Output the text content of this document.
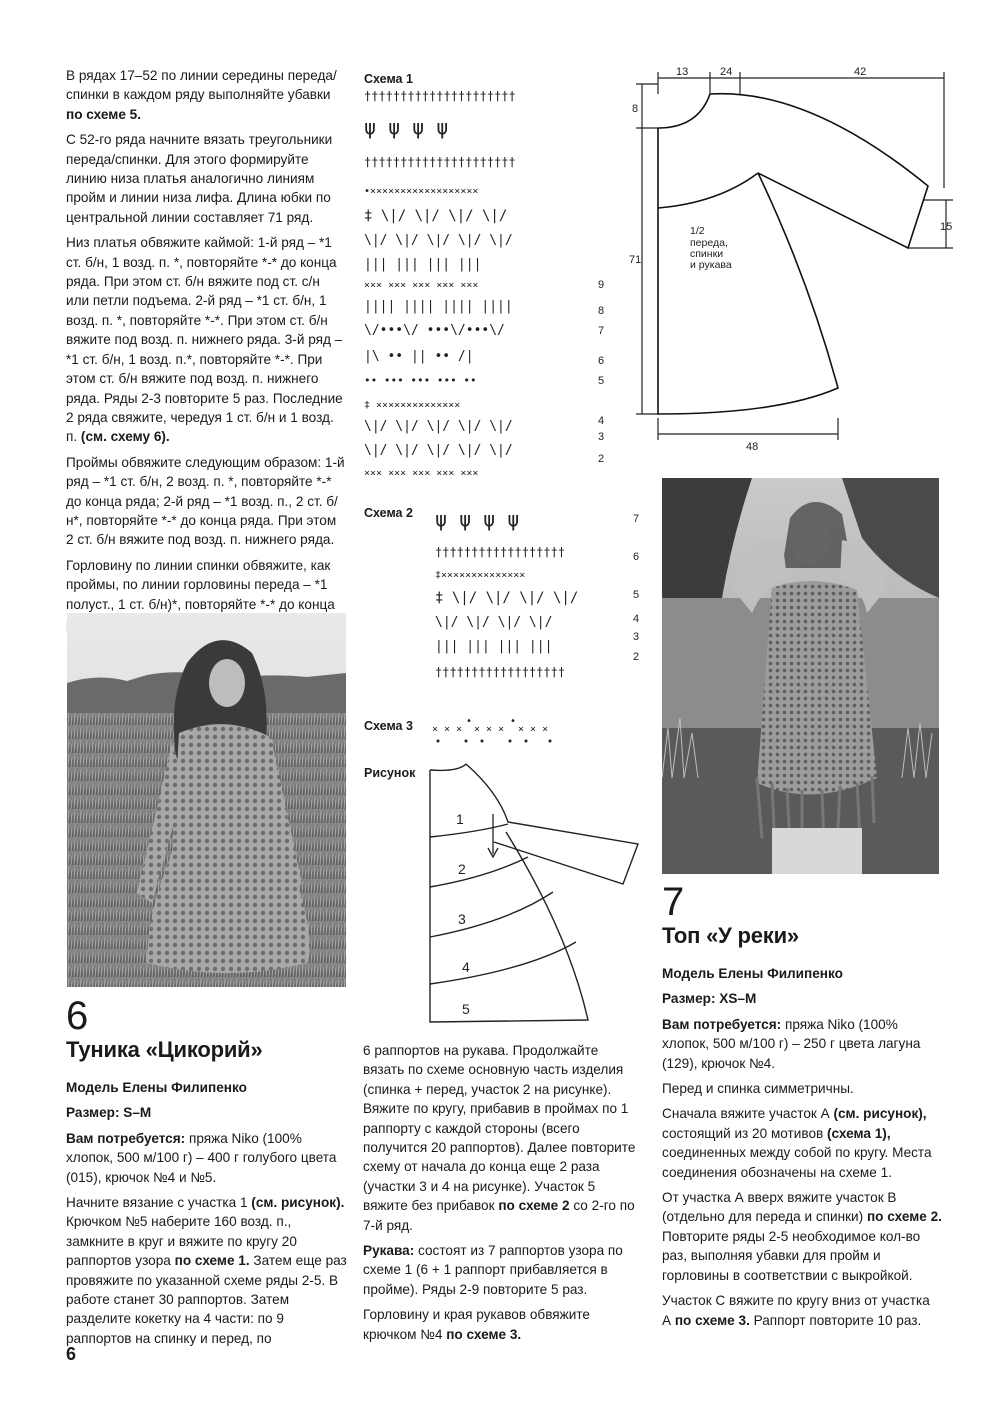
В рядах 17–52 по линии середины переда/спинки в каждом ряду выполняйте убавки по схеме 5.

С 52-го ряда начните вязать треугольники переда/спинки. Для этого формируйте линию низа платья аналогично линиям пройм и линии низа лифа. Длина юбки по центральной линии составляет 71 ряд.

Низ платья обвяжите каймой: 1-й ряд – *1 ст. б/н, 1 возд. п. *, повторяйте *-* до конца ряда. При этом ст. б/н вяжите под ст. с/н или петли подъема. 2-й ряд – *1 ст. б/н, 1 возд. п. *, повторяйте *-*. При этом ст. б/н вяжите под возд. п. нижнего ряда. 3-й ряд – *1 ст. б/н, 1 возд. п.*, повторяйте *-*. При этом ст. б/н вяжите под возд. п. нижнего ряда. Ряды 2-3 повторите 5 раз. Последние 2 ряда свяжите, чередуя 1 ст. б/н и 1 возд. п. (см. схему 6).

Проймы обвяжите следующим образом: 1-й ряд – *1 ст. б/н, 2 возд. п. *, повторяйте *-* до конца ряда; 2-й ряд – *1 возд. п., 2 ст. б/н*, повторяйте *-* до конца ряда. При этом 2 ст. б/н вяжите под возд. п. нижнего ряда.

Горловину по линии спинки обвяжите, как проймы, по линии горловины переда – *1 полуст., 1 ст. б/н)*, повторяйте *-* до конца

6
Туника «Цикорий»

Модель Елены Филипенко

Размер: S–M

Вам потребуется: пряжа Niko (100% хлопок, 500 м/100 г) – 400 г голубого цвета (015), крючок №4 и №5.

Начните вязание с участка 1 (см. рисунок). Крючком №5 наберите 160 возд. п., замкните в круг и вяжите по кругу 20 раппортов узора по схеме 1. Затем еще раз провяжите по указанной схеме ряды 2-5. В работе станет 30 раппортов. Затем разделите кокетку на 4 части: по 9 раппортов на спинку и перед, по

Схема 1
†††††††††††††††††††††
ψ ψ ψ ψ
†††††††††††††††††††††
•××××××××××××××××××
‡ \|/ \|/ \|/ \|/
\|/ \|/ \|/ \|/ \|/
||| ||| ||| |||
××× ××× ××× ××× ×××
|||| |||| |||| ||||
\/•••\/ •••\/•••\/
|\ •• || •• /|
•• ••• ••• ••• ••
‡ ××××××××××××××
\|/ \|/ \|/ \|/ \|/
\|/ \|/ \|/ \|/ \|/
××× ××× ××× ××× ×××
9
8
7
6
5
4
3
2
Схема 2 ψ ψ ψ ψ
††††††††††††††††††
‡××××××××××××××
‡ \|/ \|/ \|/ \|/
\|/ \|/ \|/ \|/
||| ||| ||| |||
††††††††††††††††††
7
6
5
4
3
2
Схема 3 × × ×
•
× × ×
•
× × ×
Рисунок
1
2
3
4
5

6 раппортов на рукава. Продолжайте вязать по схеме основную часть изделия (спинка + перед, участок 2 на рисунке). Вяжите по кругу, прибавив в проймах по 1 раппорту с каждой стороны (всего получится 20 раппортов). Далее повторите схему от начала до конца еще 2 раза (участки 3 и 4 на рисунке). Участок 5 вяжите без прибавок по схеме 2 со 2-го по 7-й ряд.

Рукава: состоят из 7 раппортов узора по схеме 1 (6 + 1 раппорт прибавляется в пройме). Ряды 2-9 повторите 5 раз.

Горловину и края рукавов обвяжите крючком №4 по схеме 3.

13	24	42
8
71
15
48
1/2
переда,
спинки
и рукава
7
Топ «У реки»

Модель Елены Филипенко

Размер: XS–M

Вам потребуется: пряжа Niko (100% хлопок, 500 м/100 г) – 250 г цвета лагуна (129), крючок №4.

Перед и спинка симметричны.

Сначала вяжите участок А (см. рисунок), состоящий из 20 мотивов (схема 1), соединенных между собой по кругу. Места соединения обозначены на схеме 1.

От участка А вверх вяжите участок В (отдельно для переда и спинки) по схеме 2. Повторите ряды 2-5 необходимое кол-во раз, выполняя убавки для пройм и горловины в соответствии с выкройкой.

Участок С вяжите по кругу вниз от участка А по схеме 3. Раппорт повторите 10 раз.

6
